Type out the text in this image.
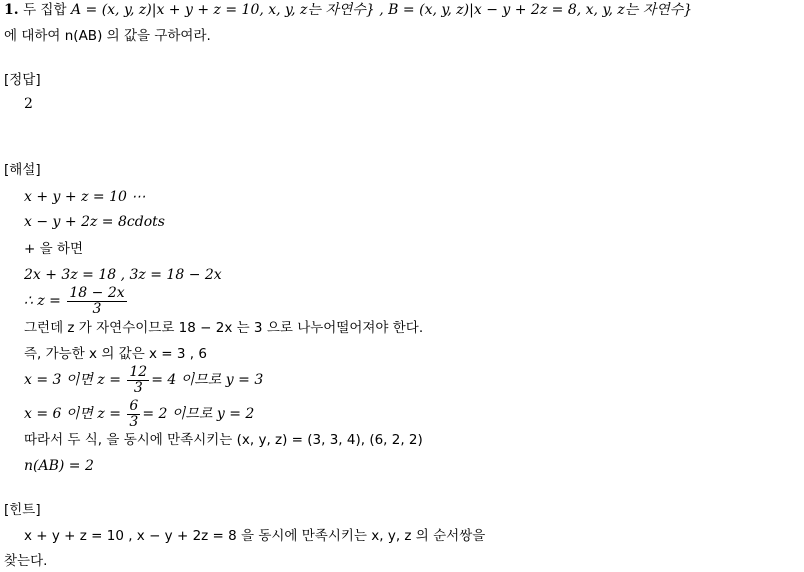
1. 두 집합 A = (x, y, z)|x + y + z = 10, x, y, z는 자연수} , B = (x, y, z)|x − y + 2z = 8, x, y, z는 자연수}
에 대하여 n(AB) 의 값을 구하여라.
[정답]
2
[해설]
x + y + z = 10 ⋯
x − y + 2z = 8cdots
+ 을 하면
2x + 3z = 18 , 3z = 18 − 2x
∴ $z = \frac{18 - 2x}{3}$
그런데 z 가 자연수이므로 18 − 2x 는 3 으로 나누어떨어져야 한다.
즉, 가능한 x 의 값은 x = 3 , 6
x = 3 이면 $z = \frac{12}{3} = 4$ 이므로 y = 3
x = 6 이면 $z = \frac{6}{3} = 2$ 이므로 y = 2
따라서 두 식, 을 동시에 만족시키는 (x, y, z) = (3, 3, 4), (6, 2, 2)
n(AB) = 2
[힌트]
x + y + z = 10 , x − y + 2z = 8 을 동시에 만족시키는 x, y, z 의 순서쌍을
찾는다.
